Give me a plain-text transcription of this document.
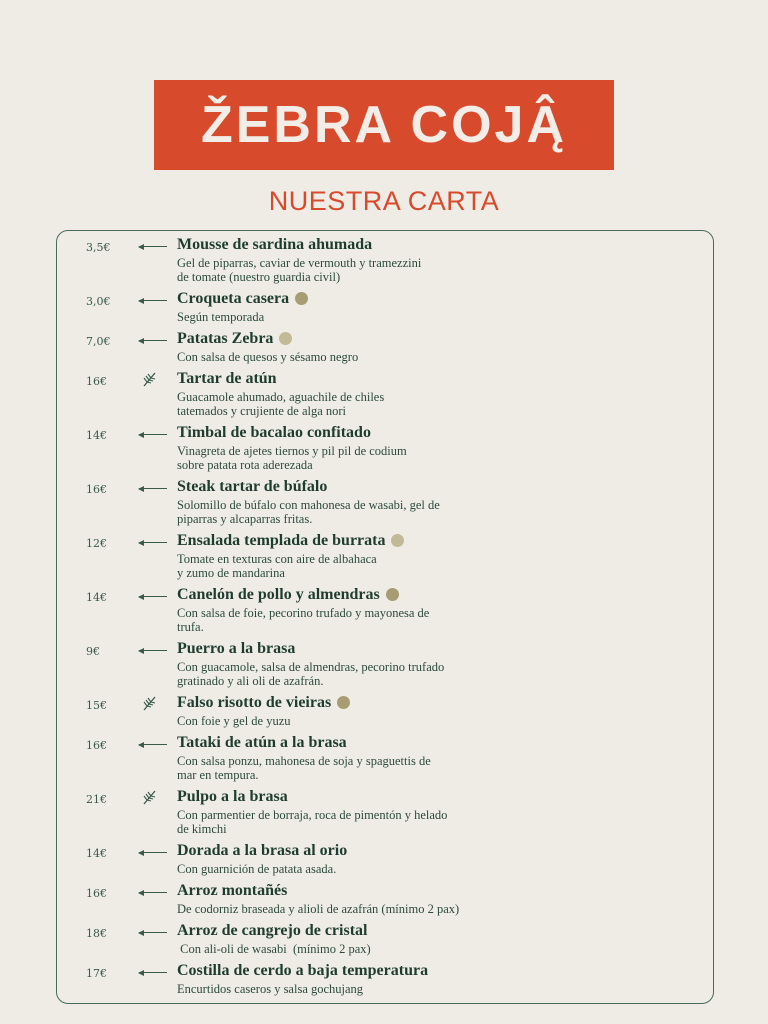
ŽEBRA COJĄ̂
NUESTRA CARTA
3,5€	Mousse de sardina ahumada
Gel de piparras, caviar de vermouth y tramezzini
de tomate (nuestro guardia civil)
3,0€	Croqueta casera
Según temporada
7,0€	Patatas Zebra
Con salsa de quesos y sésamo negro
16€	Tartar de atún
Guacamole ahumado, aguachile de chiles
tatemados y crujiente de alga nori
14€	Timbal de bacalao confitado
Vinagreta de ajetes tiernos y pil pil de codium
sobre patata rota aderezada
16€	Steak tartar de búfalo
Solomillo de búfalo con mahonesa de wasabi, gel de
piparras y alcaparras fritas.
12€	Ensalada templada de burrata
Tomate en texturas con aire de albahaca
y zumo de mandarina
14€	Canelón de pollo y almendras
Con salsa de foie, pecorino trufado y mayonesa de
trufa.
9€	Puerro a la brasa
Con guacamole, salsa de almendras, pecorino trufado
gratinado y ali oli de azafrán.
15€	Falso risotto de vieiras
Con foie y gel de yuzu
16€	Tataki de atún a la brasa
Con salsa ponzu, mahonesa de soja y spaguettis de
mar en tempura.
21€	Pulpo a la brasa
Con parmentier de borraja, roca de pimentón y helado
de kimchi
14€	Dorada a la brasa al orio
Con guarnición de patata asada.
16€	Arroz montañés
De codorniz braseada y alioli de azafrán (mínimo 2 pax)
18€	Arroz de cangrejo de cristal
Con ali-oli de wasabi  (mínimo 2 pax)
17€	Costilla de cerdo a baja temperatura
Encurtidos caseros y salsa gochujang
